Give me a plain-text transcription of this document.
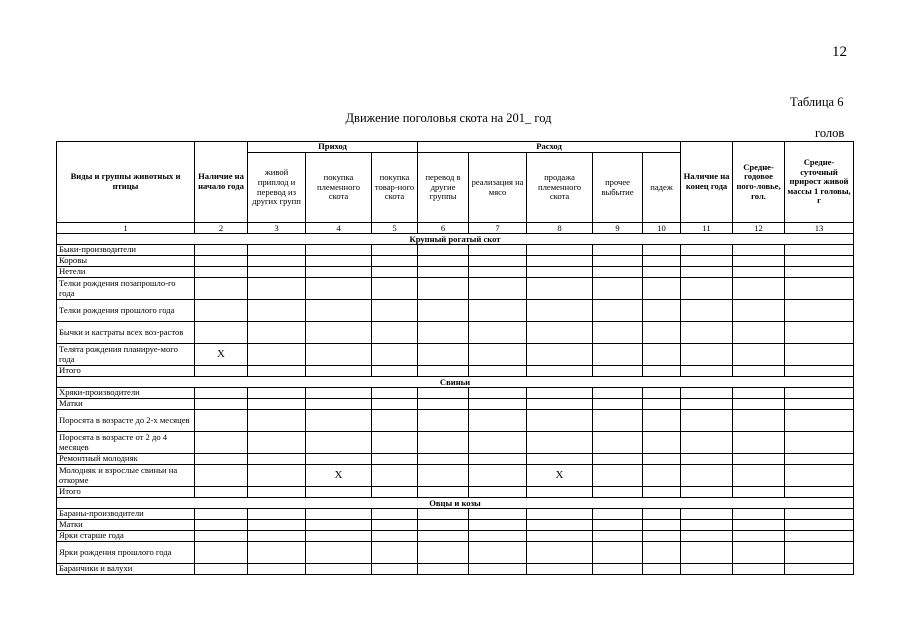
12
Таблица 6
Движение поголовья скота на 201_ год
голов
Виды и группы животных и птицы	Наличие на начало года	Приход			Расход					Наличие на конец года	Средне-годовое пого-ловье, гол.	Средне-суточный прирост живой массы 1 головы, г
		живой приплод и перевод из других групп	покупка племенного скота	покупка товар-ного скота	перевод в другие группы	реализация на мясо	продажа племенного скота	прочее выбытие	падеж			
1	2	3	4	5	6	7	8	9	10	11	12	13
Крупный рогатый скот												
Быки-производители												
Коровы												
Нетели												
Телки рождения позапрошло-го года												
Телки рождения прошлого года												
Бычки и кастраты всех воз-растов												
Телята рождения планируе-мого года	Х											
Итого												
Свиньи												
Хряки-производители												
Матки												
Поросята в возрасте до 2-х месяцев												
Поросята в возрасте от 2 до 4 месяцев												
Ремонтный молодняк												
Молодняк и взрослые свиньи на откорме			Х				Х					
Итого												
Овцы и козы												
Бараны-производители												
Матки												
Ярки старше года												
Ярки рождения прошлого года												
Баранчики и валухи												
